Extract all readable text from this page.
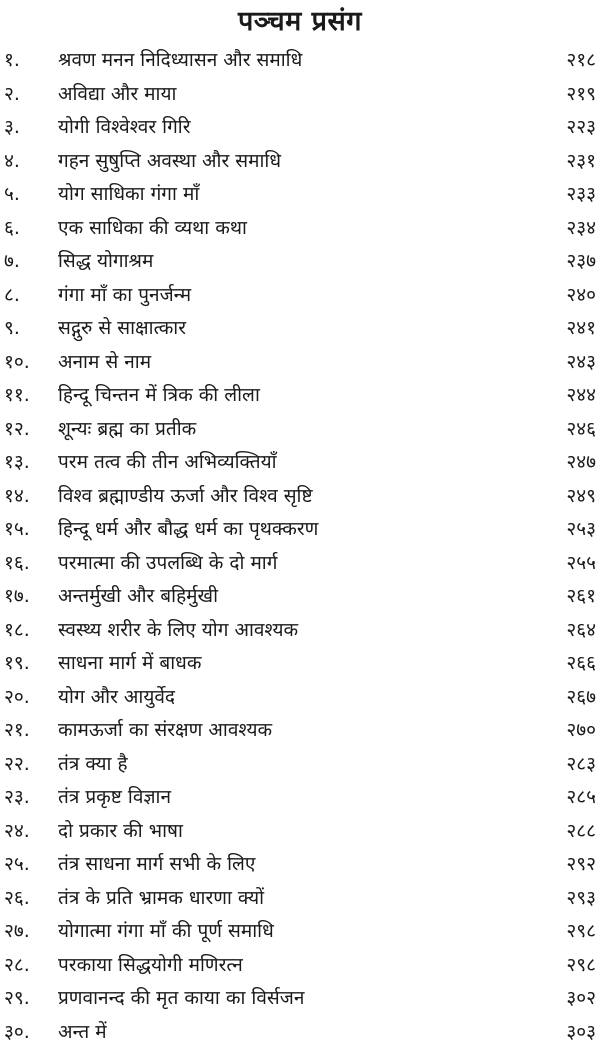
पञ्चम प्रसंग
१. श्रवण मनन निदिध्यासन और समाधि	२१८
२. अविद्या और माया	२१९
३. योगी विश्वेश्वर गिरि	२२३
४. गहन सुषुप्ति अवस्था और समाधि	२३१
५. योग साधिका गंगा माँ	२३३
६. एक साधिका की व्यथा कथा	२३४
७. सिद्ध योगाश्रम	२३७
८. गंगा माँ का पुनर्जन्म	२४०
९. सद्गुरु से साक्षात्कार	२४१
१०. अनाम से नाम	२४३
११. हिन्दू चिन्तन में त्रिक की लीला	२४४
१२. शून्यः ब्रह्म का प्रतीक	२४६
१३. परम तत्व की तीन अभिव्यक्तियाँ	२४७
१४. विश्व ब्रह्माण्डीय ऊर्जा और विश्व सृष्टि	२४९
१५. हिन्दू धर्म और बौद्ध धर्म का पृथक्करण	२५३
१६. परमात्मा की उपलब्धि के दो मार्ग	२५५
१७. अन्तर्मुखी और बहिर्मुखी	२६१
१८. स्वस्थ्य शरीर के लिए योग आवश्यक	२६४
१९. साधना मार्ग में बाधक	२६६
२०. योग और आयुर्वेद	२६७
२१. कामऊर्जा का संरक्षण आवश्यक	२७०
२२. तंत्र क्या है	२८३
२३. तंत्र प्रकृष्ट विज्ञान	२८५
२४. दो प्रकार की भाषा	२८८
२५. तंत्र साधना मार्ग सभी के लिए	२९२
२६. तंत्र के प्रति भ्रामक धारणा क्यों	२९३
२७. योगात्मा गंगा माँ की पूर्ण समाधि	२९८
२८. परकाया सिद्धयोगी मणिरत्न	२९८
२९. प्रणवानन्द की मृत काया का विर्सजन	३०२
३०. अन्त में	३०३
